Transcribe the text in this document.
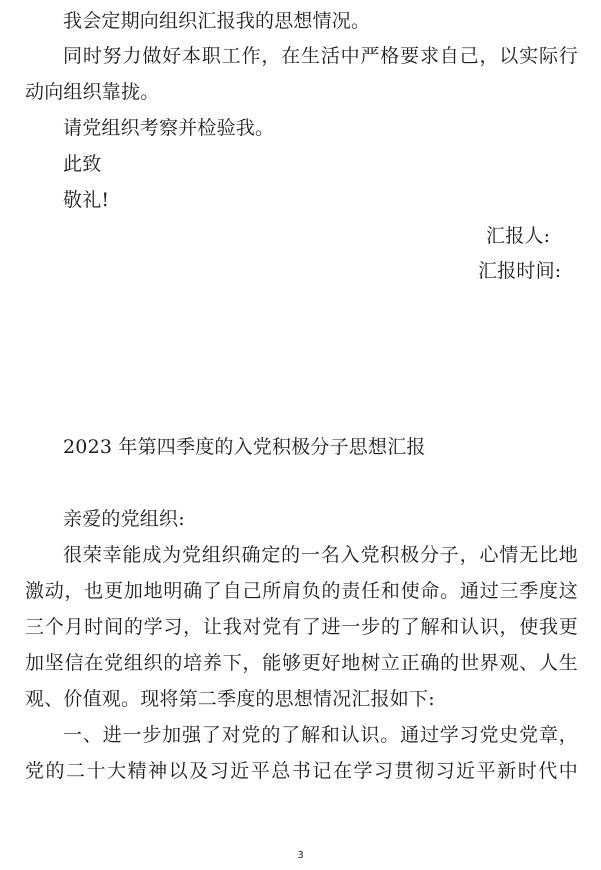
我会定期向组织汇报我的思想情况。
同时努力做好本职工作，在生活中严格要求自己，以实际行
动向组织靠拢。
请党组织考察并检验我。
此致
敬礼!
汇报人:
汇报时间:
2023 年第四季度的入党积极分子思想汇报
亲爱的党组织:
很荣幸能成为党组织确定的一名入党积极分子，心情无比地
激动，也更加地明确了自己所肩负的责任和使命。通过三季度这
三个月时间的学习，让我对党有了进一步的了解和认识，使我更
加坚信在党组织的培养下，能够更好地树立正确的世界观、人生
观、价值观。现将第二季度的思想情况汇报如下:
一、进一步加强了对党的了解和认识。通过学习党史党章，
党的二十大精神以及习近平总书记在学习贯彻习近平新时代中
3
